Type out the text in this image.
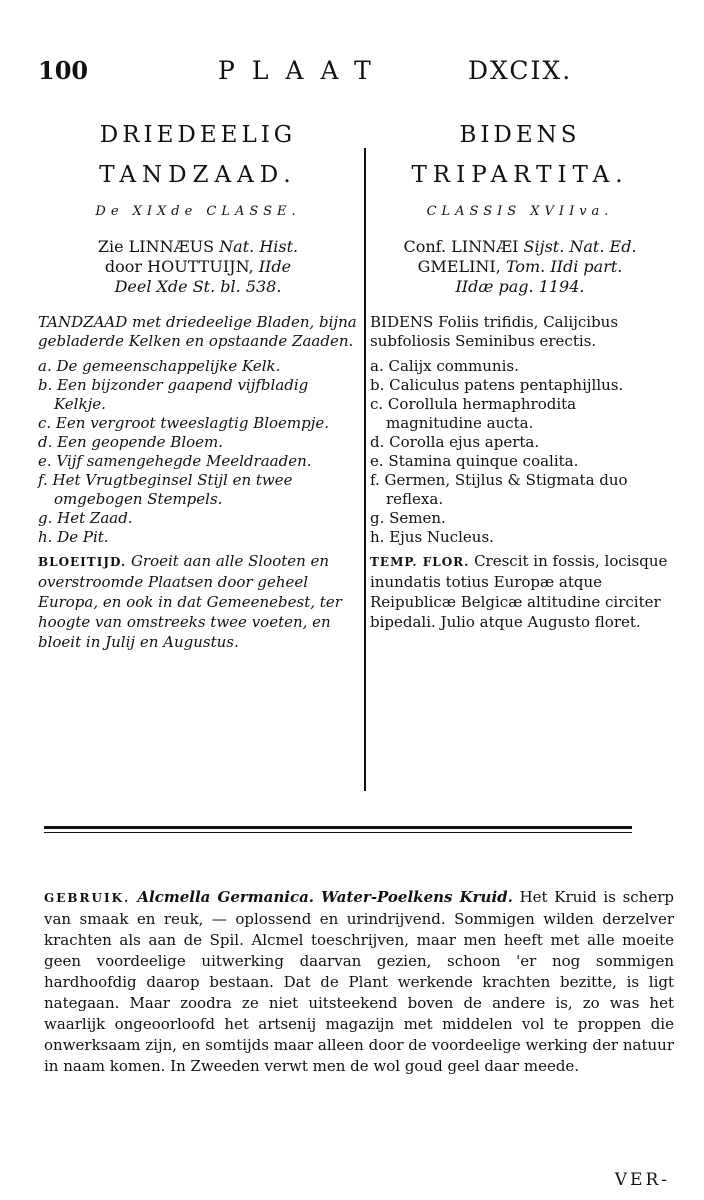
100	PLAAT	DXCIX.

DRIEDEELIG

TANDZAAD.

De XIXde CLASSE.

Zie LINNÆUS Nat. Hist.
door HOUTTUIJN, IIde
Deel Xde St. bl. 538.

TANDZAAD met driedeelige Bladen, bijna gebladerde Kelken en opstaande Zaaden.

a. De gemeenschappelijke Kelk.
b. Een bijzonder gaapend vijfbladig Kelkje.
c. Een vergroot tweeslagtig Bloempje.
d. Een geopende Bloem.
e. Vijf samengehegde Meeldraaden.
f. Het Vrugtbeginsel Stijl en twee omgebogen Stempels.
g. Het Zaad.
h. De Pit.

BLOEITIJD. Groeit aan alle Slooten en overstroomde Plaatsen door geheel Europa, en ook in dat Gemeenebest, ter hoogte van omstreeks twee voeten, en bloeit in Julij en Augustus.

BIDENS

TRIPARTITA.

CLASSIS XVIIva.

Conf. LINNÆI Sijst. Nat. Ed.
GMELINI, Tom. IIdi part.
IIdæ pag. 1194.

BIDENS Foliis trifidis, Calijcibus subfoliosis Seminibus erectis.

a. Calijx communis.
b. Caliculus patens pentaphijllus.
c. Corollula hermaphrodita magnitudine aucta.
d. Corolla ejus aperta.
e. Stamina quinque coalita.
f. Germen, Stijlus & Stigmata duo reflexa.
g. Semen.
h. Ejus Nucleus.

TEMP. FLOR. Crescit in fossis, locisque inundatis totius Europæ atque Reipublicæ Belgicæ altitudine circiter bipedali. Julio atque Augusto floret.

GEBRUIK. Alcmella Germanica. Water-Poelkens Kruid. Het Kruid is scherp van smaak en reuk, — oplossend en urindrijvend. Sommigen wilden derzelver krachten als aan de Spil. Alcmel toeschrijven, maar men heeft met alle moeite geen voordeelige uitwerking daarvan gezien, schoon 'er nog sommigen hardhoofdig daarop bestaan. Dat de Plant werkende krachten bezitte, is ligt nategaan. Maar zoodra ze niet uitsteekend boven de andere is, zo was het waarlijk ongeoorloofd het artsenij magazijn met middelen vol te proppen die onwerksaam zijn, en somtijds maar alleen door de voordeelige werking der natuur in naam komen. In Zweeden verwt men de wol goud geel daar meede.

VER-
